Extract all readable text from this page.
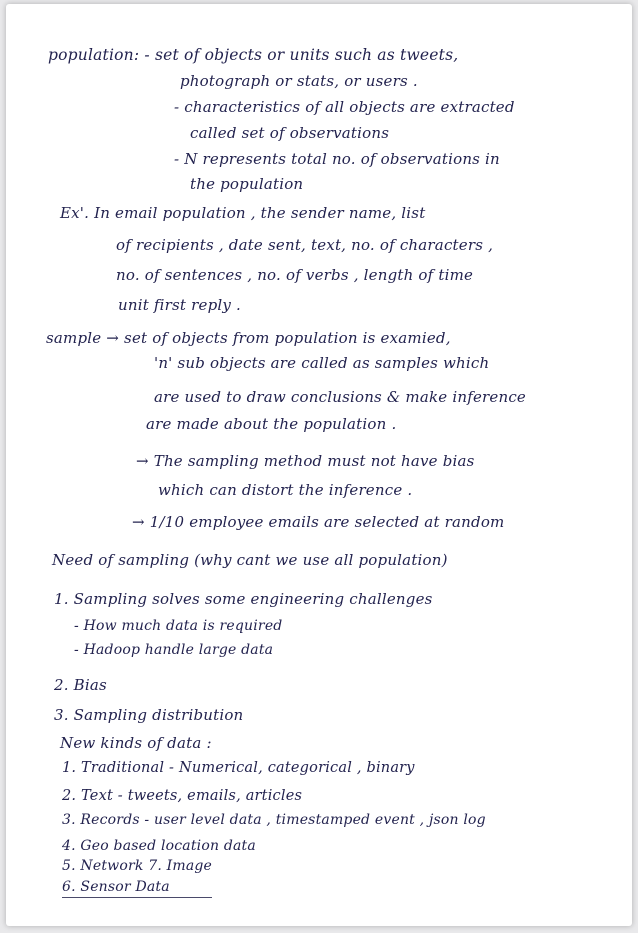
population: - set of objects or units such as tweets,
photograph or stats, or users .
- characteristics of all objects are extracted
called set of observations
- N represents total no. of observations in
the population
Ex'. In email population , the sender name, list
of recipients , date sent, text, no. of characters ,
no. of sentences , no. of verbs , length of time
unit first reply .
sample → set of objects from population is examied,
'n' sub objects are called as samples which
are used to draw conclusions & make inference
are made about the population .
→ The sampling method must not have bias
which can distort the inference .
→ 1/10 employee emails are selected at random
Need of sampling (why cant we use all population)
1. Sampling solves some engineering challenges
- How much data is required
- Hadoop handle large data
2. Bias
3. Sampling distribution
New kinds of data :
1. Traditional - Numerical, categorical , binary
2. Text - tweets, emails, articles
3. Records - user level data , timestamped event , json log
4. Geo based location data
5. Network 7. Image
6. Sensor Data
